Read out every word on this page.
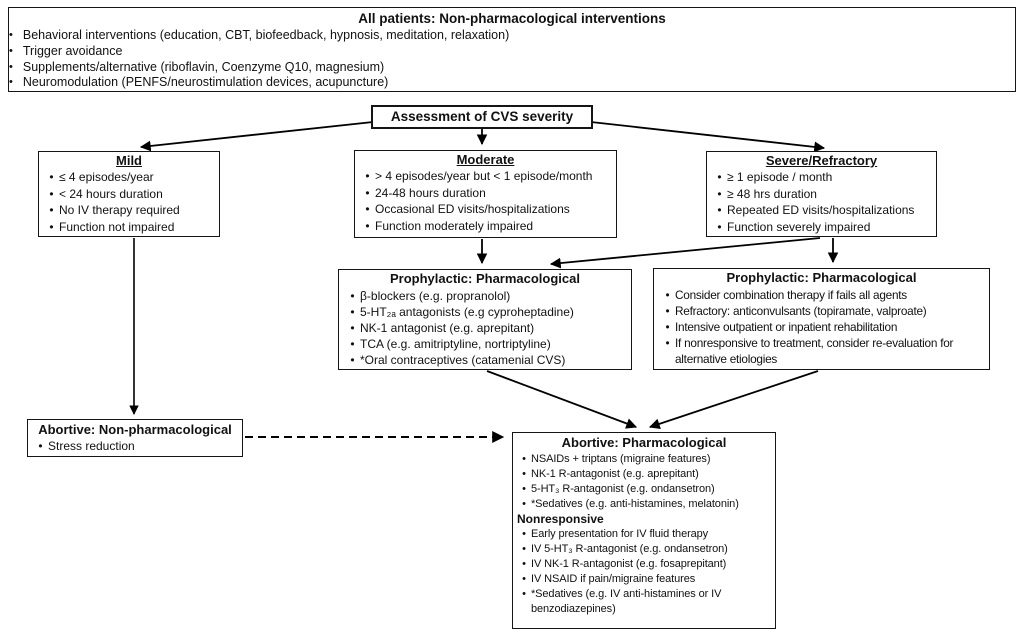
All patients: Non-pharmacological interventions
• Behavioral interventions (education, CBT, biofeedback, hypnosis, meditation, relaxation)
• Trigger avoidance
• Supplements/alternative (riboflavin, Coenzyme Q10, magnesium)
• Neuromodulation (PENFS/neurostimulation devices, acupuncture)
Assessment of CVS severity
Mild
• ≤ 4 episodes/year
• < 24 hours duration
• No IV therapy required
• Function not impaired
Moderate
• > 4 episodes/year but < 1 episode/month
• 24-48 hours duration
• Occasional ED visits/hospitalizations
• Function moderately impaired
Severe/Refractory
• ≥ 1 episode / month
• ≥ 48 hrs duration
• Repeated ED visits/hospitalizations
• Function severely impaired
Prophylactic: Pharmacological
• β-blockers (e.g. propranolol)
• 5-HT₂ₐ antagonists (e.g cyproheptadine)
• NK-1 antagonist (e.g. aprepitant)
• TCA (e.g. amitriptyline, nortriptyline)
• *Oral contraceptives (catamenial CVS)
Prophylactic: Pharmacological
• Consider combination therapy if fails all agents
• Refractory: anticonvulsants (topiramate, valproate)
• Intensive outpatient or inpatient rehabilitation
• If nonresponsive to treatment, consider re-evaluation for alternative etiologies
Abortive: Non-pharmacological
• Stress reduction	Abortive: Pharmacological
• NSAIDs + triptans (migraine features)
• NK-1 R-antagonist (e.g. aprepitant)
• 5-HT₃ R-antagonist (e.g. ondansetron)
• *Sedatives (e.g. anti-histamines, melatonin)
Nonresponsive
• Early presentation for IV fluid therapy
• IV 5-HT₃ R-antagonist (e.g. ondansetron)
• IV NK-1 R-antagonist (e.g. fosaprepitant)
• IV NSAID if pain/migraine features
• *Sedatives (e.g. IV anti-histamines or IV benzodiazepines)
